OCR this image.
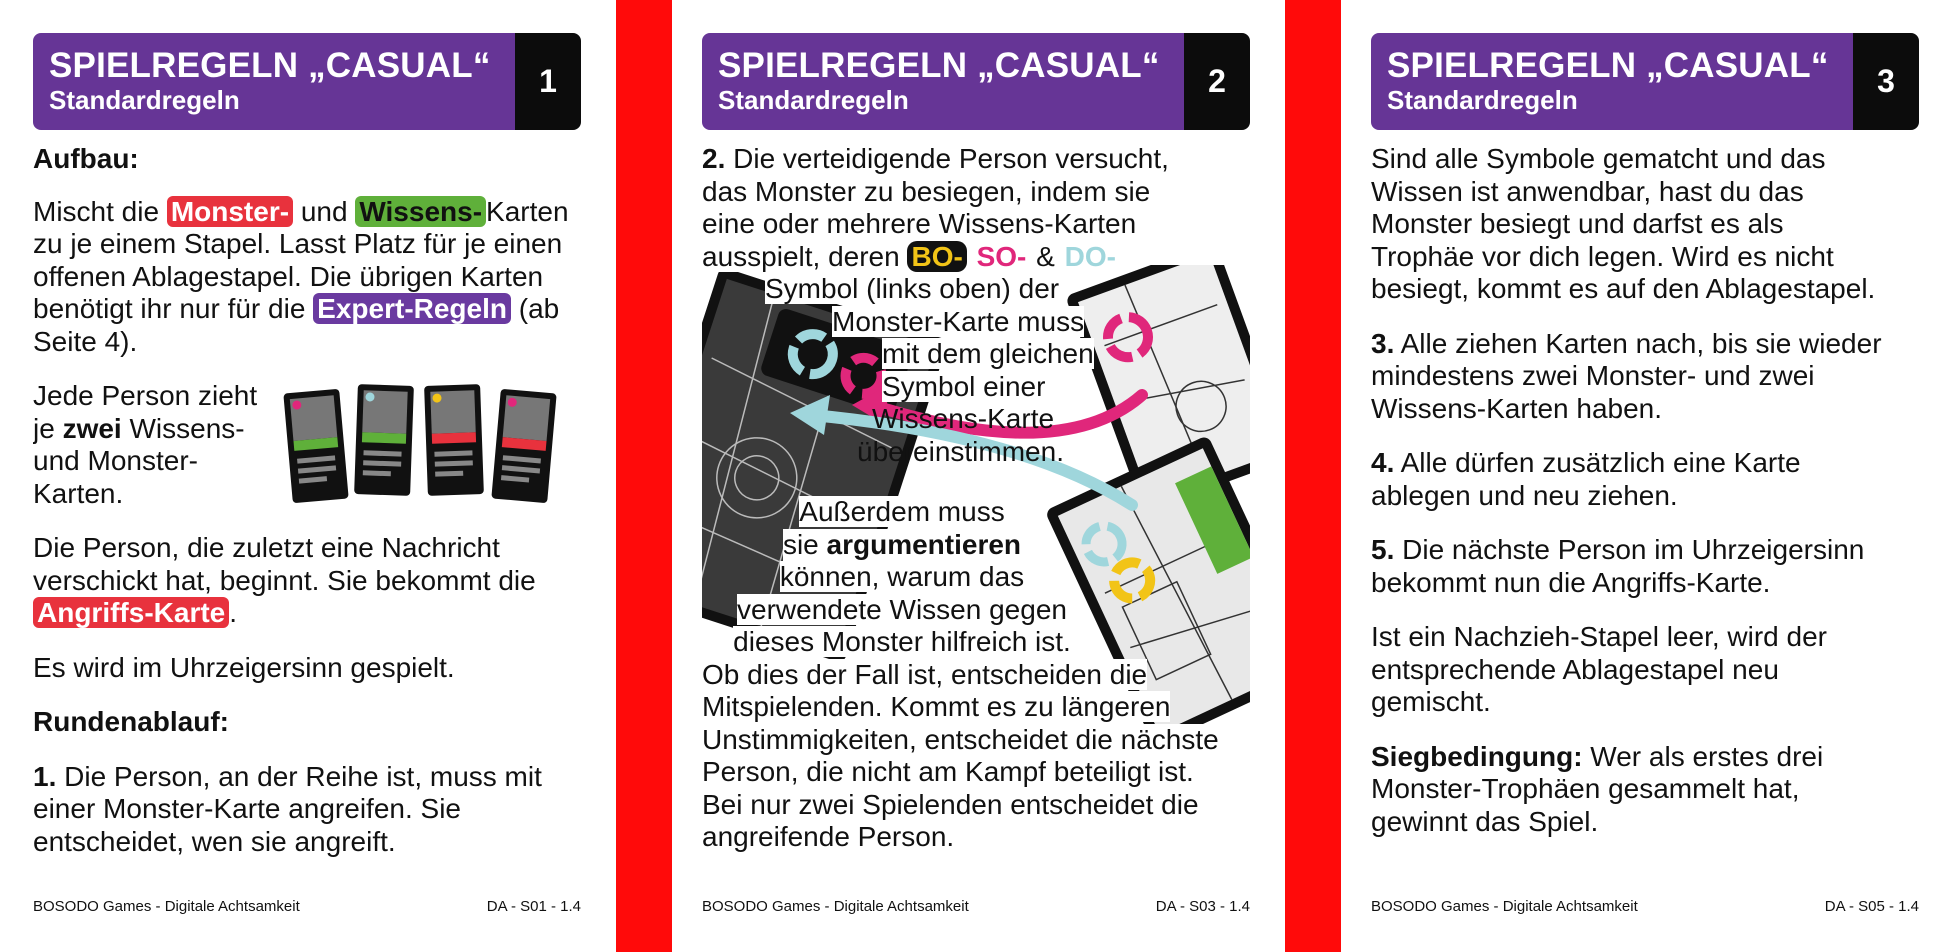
SPIELREGELN „CASUAL“
Standardregeln
1

Aufbau:

Mischt die Monster- und Wissens- Karten zu je einem Stapel. Lasst Platz für je einen offenen Ablagestapel. Die übrigen Karten benötigt ihr nur für die Expert-Regeln (ab Seite 4).

Jede Person zieht je zwei Wissens- und Monster-Karten.

Die Person, die zuletzt eine Nachricht verschickt hat, beginnt. Sie bekommt die Angriffs-Karte .

Es wird im Uhrzeigersinn gespielt.

Rundenablauf:

1. Die Person, an der Reihe ist, muss mit einer Monster-Karte angreifen. Sie entscheidet, wen sie angreift.

BOSODO Games - Digitale Achtsamkeit	DA - S01 - 1.4
SPIELREGELN „CASUAL“
Standardregeln
2
2. Die verteidigende Person versucht,
das Monster zu besiegen, indem sie
eine oder mehrere Wissens-Karten
ausspielt, deren BO- SO- & DO-
Symbol (links oben) der
Monster-Karte muss
mit dem gleichen
Symbol einer
Wissens-Karte
übereinstimmen.
Außerdem muss
sie argumentieren
können, warum das
verwendete Wissen gegen
dieses Monster hilfreich ist.

Ob dies der Fall ist, entscheiden die Mitspielenden. Kommt es zu längeren Unstimmigkeiten, entscheidet die nächste Person, die nicht am Kampf beteiligt ist. Bei nur zwei Spielenden entscheidet die angreifende Person.

BOSODO Games - Digitale Achtsamkeit	DA - S03 - 1.4
SPIELREGELN „CASUAL“
Standardregeln
3

Sind alle Symbole gematcht und das Wissen ist anwendbar, hast du das Monster besiegt und darfst es als Trophäe vor dich legen. Wird es nicht besiegt, kommt es auf den Ablagestapel.

3. Alle ziehen Karten nach, bis sie wieder mindestens zwei Monster- und zwei Wissens-Karten haben.

4. Alle dürfen zusätzlich eine Karte ablegen und neu ziehen.

5. Die nächste Person im Uhrzeigersinn bekommt nun die Angriffs-Karte.

Ist ein Nachzieh-Stapel leer, wird der entsprechende Ablagestapel neu gemischt.

Siegbedingung: Wer als erstes drei Monster-Trophäen gesammelt hat, gewinnt das Spiel.

BOSODO Games - Digitale Achtsamkeit	DA - S05 - 1.4
